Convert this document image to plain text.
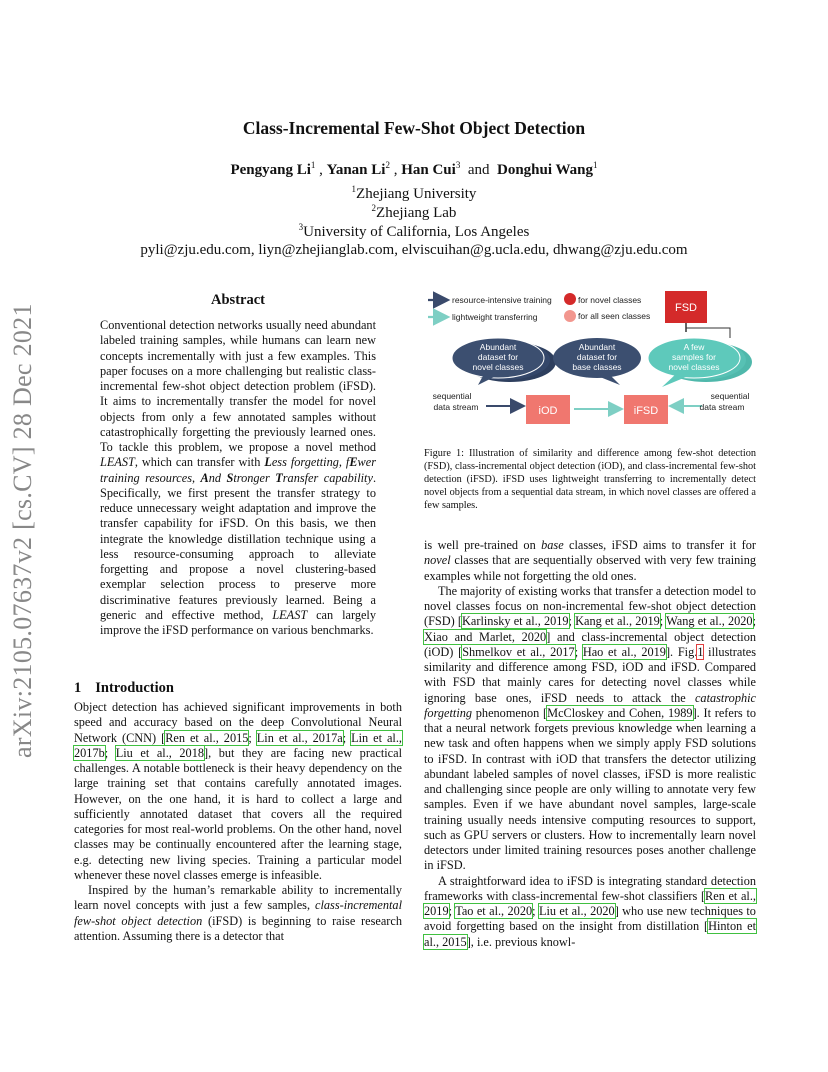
arXiv:2105.07637v2 [cs.CV] 28 Dec 2021
Class-Incremental Few-Shot Object Detection
Pengyang Li$^1$ , Yanan Li$^2$ , Han Cui$^3$ and Donghui Wang$^1$
$^1$Zhejiang University
$^2$Zhejiang Lab
$^3$University of California, Los Angeles
pyli@zju.edu.com, liyn@zhejianglab.com, elviscuihan@g.ucla.edu, dhwang@zju.edu.com
Abstract

Conventional detection networks usually need abundant labeled training samples, while humans can learn new concepts incrementally with just a few examples. This paper focuses on a more challenging but realistic class-incremental few-shot object detection problem (iFSD). It aims to incrementally transfer the model for novel objects from only a few annotated samples without catastrophically forgetting the previously learned ones. To tackle this problem, we propose a novel method LEAST, which can transfer with Less forgetting, fEwer training resources, And Stronger Transfer capability. Specifically, we first present the transfer strategy to reduce unnecessary weight adaptation and improve the transfer capability for iFSD. On this basis, we then integrate the knowledge distillation technique using a less resource-consuming approach to alleviate forgetting and propose a novel clustering-based exemplar selection process to preserve more discriminative features previously learned. Being a generic and effective method, LEAST can largely improve the iFSD performance on various benchmarks.

1 Introduction

Object detection has achieved significant improvements in both speed and accuracy based on the deep Convolutional Neural Network (CNN) [Ren et al., 2015; Lin et al., 2017a; Lin et al., 2017b; Liu et al., 2018], but they are facing new practical challenges. A notable bottleneck is their heavy dependency on the large training set that contains carefully annotated images. However, on the one hand, it is hard to collect a large and sufficiently annotated dataset that covers all the required categories for most real-world problems. On the other hand, novel classes may be continually encountered after the learning stage, e.g. detecting new living species. Training a particular model whenever these novel classes emerge is infeasible.

Inspired by the human’s remarkable ability to incrementally learn novel concepts with just a few samples, class-incremental few-shot object detection (iFSD) is beginning to raise research attention. Assuming there is a detector that

resource-intensive training
lightweight transferring
for novel classes
for all seen classes
FSD
Abundant
dataset for
novel classes
Abundant
dataset for
base classes
A few
samples for
novel classes
iOD	iFSD
sequential
data stream
sequential
data stream
Figure 1: Illustration of similarity and difference among few-shot detection (FSD), class-incremental object detection (iOD), and class-incremental few-shot detection (iFSD). iFSD uses lightweight transferring to incrementally detect novel objects from a sequential data stream, in which novel classes are offered a few samples.

is well pre-trained on base classes, iFSD aims to transfer it for novel classes that are sequentially observed with very few training examples while not forgetting the old ones.

The majority of existing works that transfer a detection model to novel classes focus on non-incremental few-shot object detection (FSD) [Karlinsky et al., 2019; Kang et al., 2019; Wang et al., 2020; Xiao and Marlet, 2020] and class-incremental object detection (iOD) [Shmelkov et al., 2017; Hao et al., 2019]. Fig.1 illustrates similarity and difference among FSD, iOD and iFSD. Compared with FSD that mainly cares for detecting novel classes while ignoring base ones, iFSD needs to attack the catastrophic forgetting phenomenon [McCloskey and Cohen, 1989]. It refers to that a neural network forgets previous knowledge when learning a new task and often happens when we simply apply FSD solutions to iFSD. In contrast with iOD that transfers the detector utilizing abundant labeled samples of novel classes, iFSD is more realistic and challenging since people are only willing to annotate very few samples. Even if we have abundant novel samples, large-scale training usually needs intensive computing resources to support, such as GPU servers or clusters. How to incrementally learn novel detectors under limited training resources poses another challenge in iFSD.

A straightforward idea to iFSD is integrating standard detection frameworks with class-incremental few-shot classifiers [Ren et al., 2019; Tao et al., 2020; Liu et al., 2020] who use new techniques to avoid forgetting based on the insight from distillation [Hinton et al., 2015], i.e. previous knowl-
